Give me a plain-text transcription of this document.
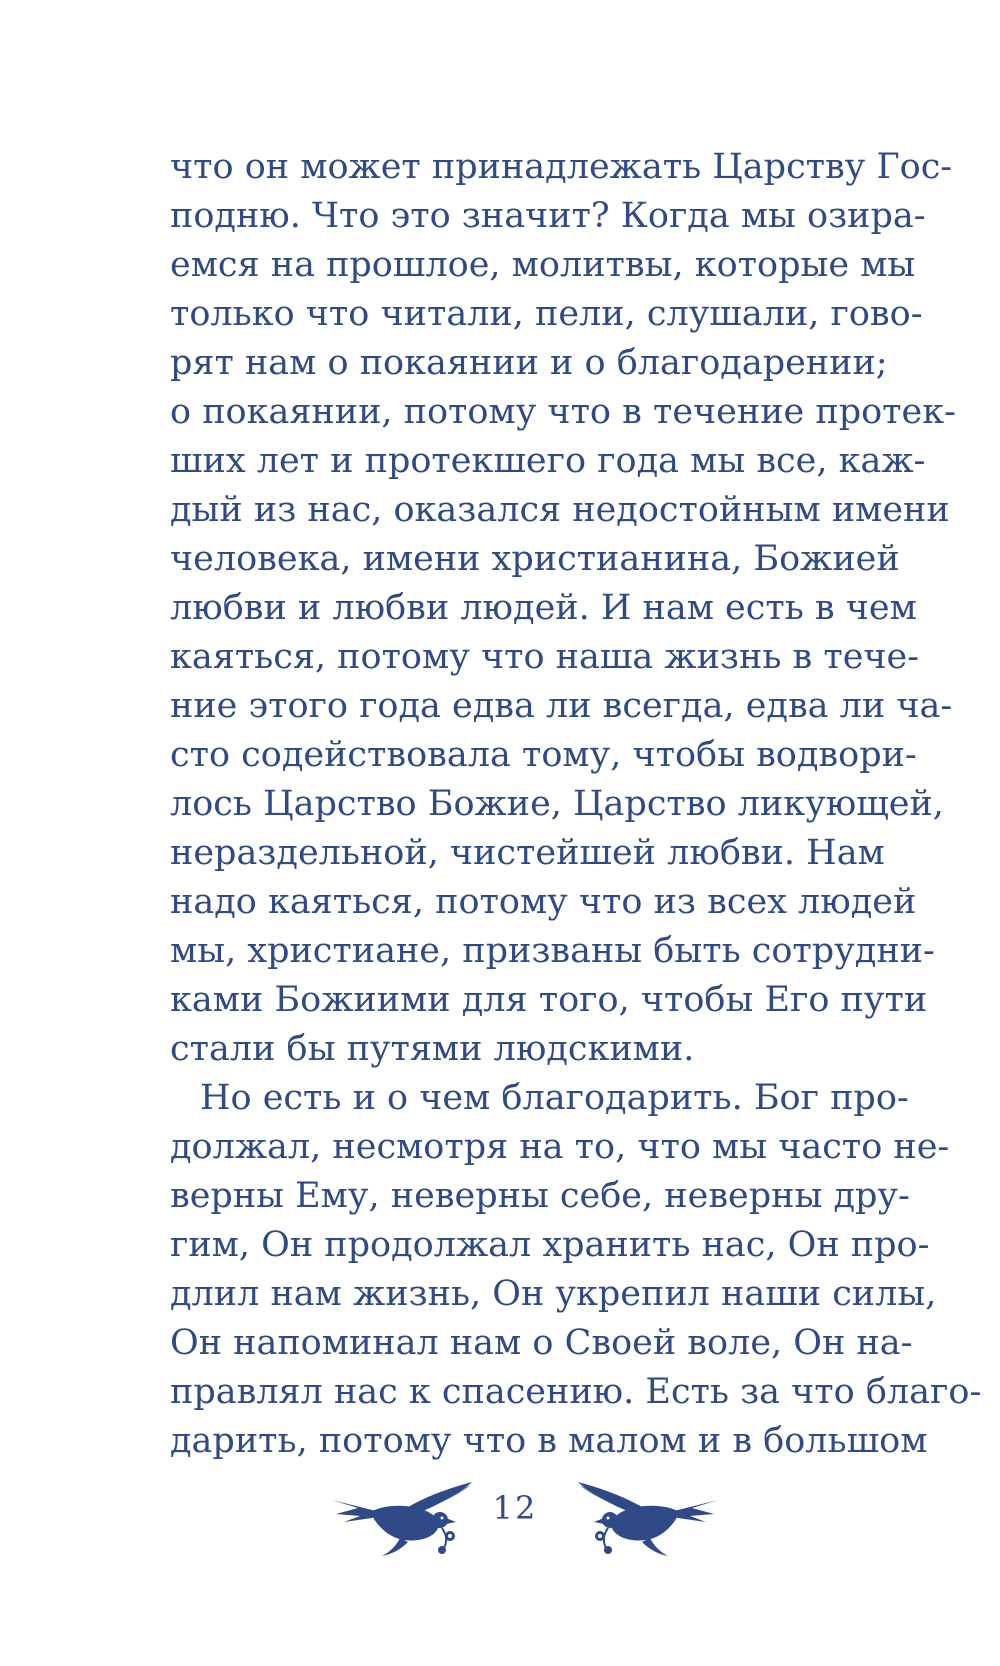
что он может принадлежать Царству Гос-
подню. Что это значит? Когда мы озира-
емся на прошлое, молитвы, которые мы
только что читали, пели, слушали, гово-
рят нам о покаянии и о благодарении;
о покаянии, потому что в течение протек-
ших лет и протекшего года мы все, каж-
дый из нас, оказался недостойным имени
человека, имени христианина, Божией
любви и любви людей. И нам есть в чем
каяться, потому что наша жизнь в тече-
ние этого года едва ли всегда, едва ли ча-
сто содействовала тому, чтобы водвори-
лось Царство Божие, Царство ликующей,
нераздельной, чистейшей любви. Нам
надо каяться, потому что из всех людей
мы, христиане, призваны быть сотрудни-
ками Божиими для того, чтобы Его пути
стали бы путями людскими.
Но есть и о чем благодарить. Бог про-
должал, несмотря на то, что мы часто не-
верны Ему, неверны себе, неверны дру-
гим, Он продолжал хранить нас, Он про-
длил нам жизнь, Он укрепил наши силы,
Он напоминал нам о Своей воле, Он на-
правлял нас к спасению. Есть за что благо-
дарить, потому что в малом и в большом
12
